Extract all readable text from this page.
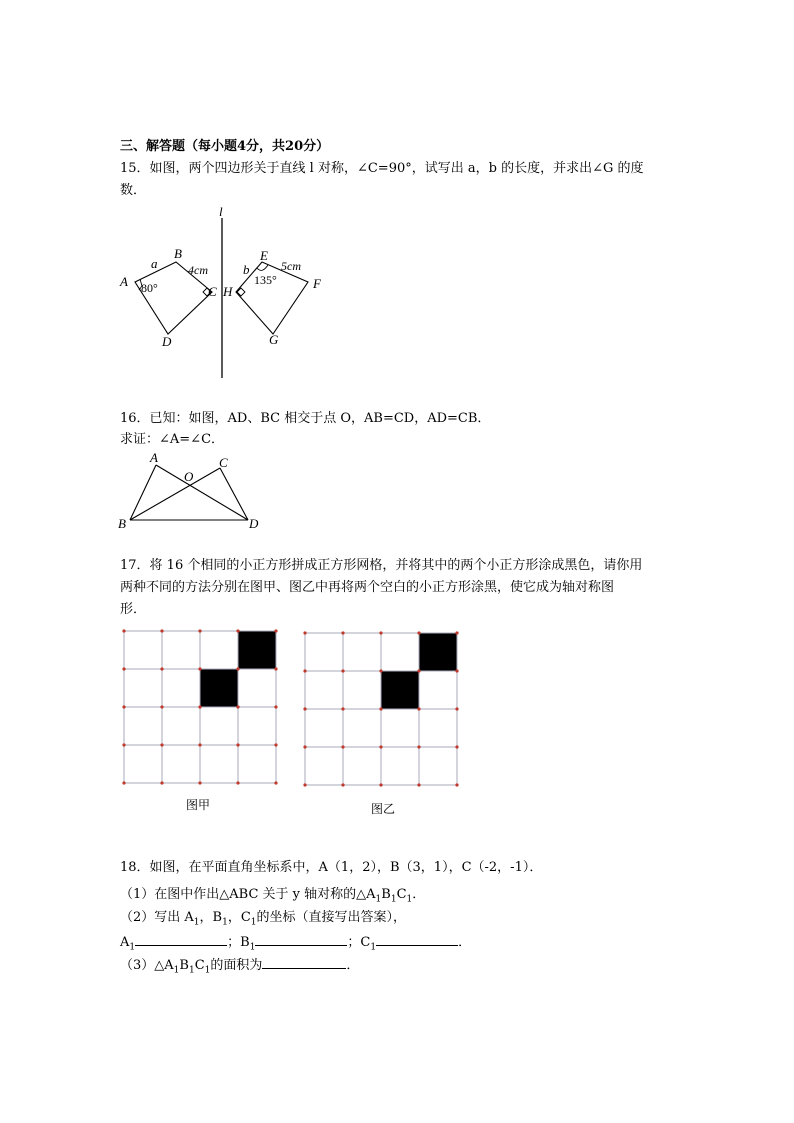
三、解答题（每小题4分，共20分）
15．如图，两个四边形关于直线 l 对称，∠C=90°，试写出 a，b 的长度，并求出∠G 的度
数．
l
A
B
C
D
a	4cm
80°	H
E
F
G
b	5cm
135°
16．已知：如图，AD、BC 相交于点 O，AB=CD，AD=CB．
求证：∠A=∠C．
A	C
O
B	D
17．将 16 个相同的小正方形拼成正方形网格，并将其中的两个小正方形涂成黑色，请你用
两种不同的方法分别在图甲、图乙中再将两个空白的小正方形涂黑，使它成为轴对称图
形．
图甲	图乙
18．如图，在平面直角坐标系中，A（1，2），B（3，1），C（-2，-1）．
（1）在图中作出△ABC 关于 y 轴对称的$\triangle A_1B_1C_1$．
（2）写出 $A_1$，$B_1$，$C_1$的坐标（直接写出答案），
$A_1$	；$B_1$	；$C_1$	．
$(3)\triangle A_1B_1C_1$的面积为	．
